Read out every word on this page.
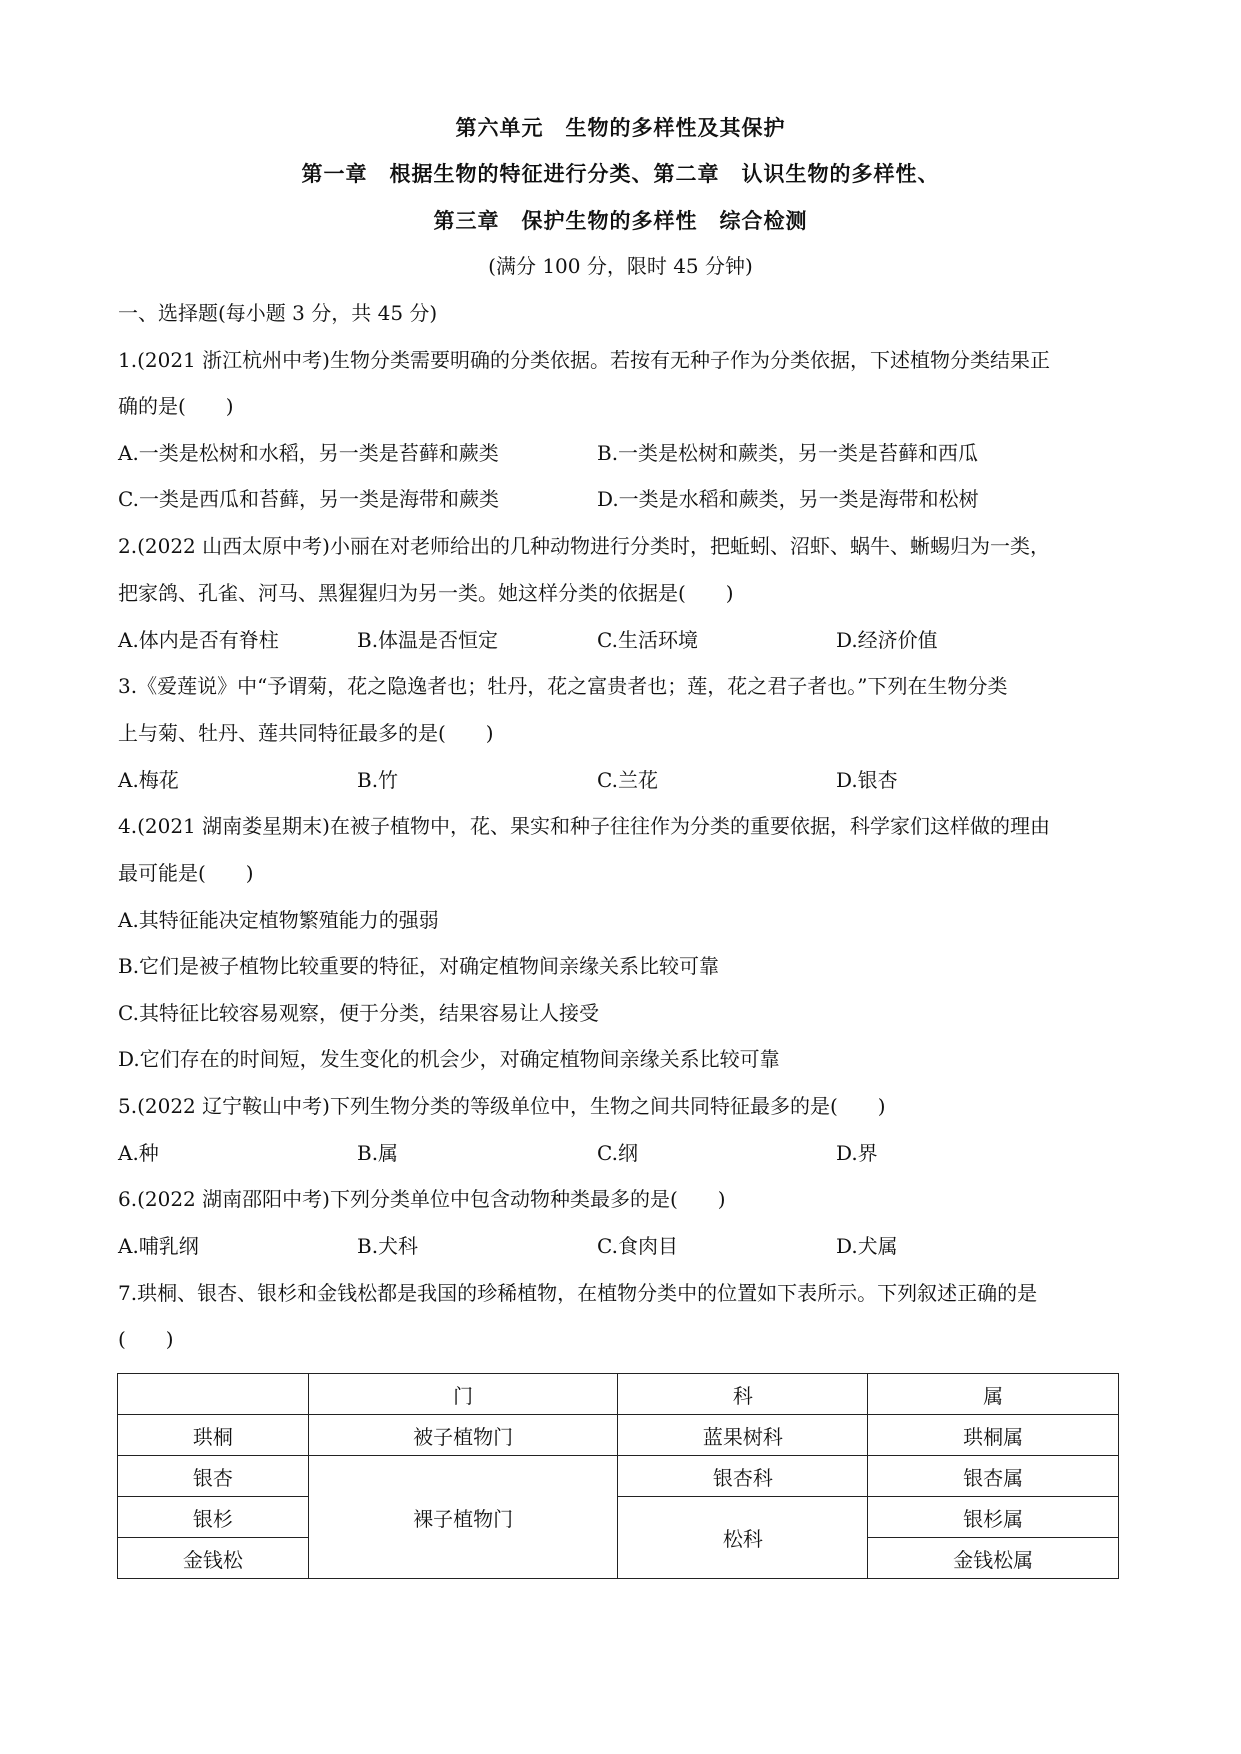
第六单元　生物的多样性及其保护
第一章　根据生物的特征进行分类、第二章　认识生物的多样性、
第三章　保护生物的多样性　综合检测
(满分 100 分，限时 45 分钟)
一、选择题(每小题 3 分，共 45 分)
1.(2021 浙江杭州中考)生物分类需要明确的分类依据。若按有无种子作为分类依据，下述植物分类结果正
确的是(　　)
A.一类是松树和水稻，另一类是苔藓和蕨类	B.一类是松树和蕨类，另一类是苔藓和西瓜
C.一类是西瓜和苔藓，另一类是海带和蕨类	D.一类是水稻和蕨类，另一类是海带和松树
2.(2022 山西太原中考)小丽在对老师给出的几种动物进行分类时，把蚯蚓、沼虾、蜗牛、蜥蜴归为一类，
把家鸽、孔雀、河马、黑猩猩归为另一类。她这样分类的依据是(　　)
A.体内是否有脊柱	B.体温是否恒定	C.生活环境	D.经济价值
3.《爱莲说》中“予谓菊，花之隐逸者也；牡丹，花之富贵者也；莲，花之君子者也。”下列在生物分类
上与菊、牡丹、莲共同特征最多的是(　　)
A.梅花	B.竹	C.兰花	D.银杏
4.(2021 湖南娄星期末)在被子植物中，花、果实和种子往往作为分类的重要依据，科学家们这样做的理由
最可能是(　　)
A.其特征能决定植物繁殖能力的强弱
B.它们是被子植物比较重要的特征，对确定植物间亲缘关系比较可靠
C.其特征比较容易观察，便于分类，结果容易让人接受
D.它们存在的时间短，发生变化的机会少，对确定植物间亲缘关系比较可靠
5.(2022 辽宁鞍山中考)下列生物分类的等级单位中，生物之间共同特征最多的是(　　)
A.种	B.属	C.纲	D.界
6.(2022 湖南邵阳中考)下列分类单位中包含动物种类最多的是(　　)
A.哺乳纲	B.犬科	C.食肉目	D.犬属
7.珙桐、银杏、银杉和金钱松都是我国的珍稀植物，在植物分类中的位置如下表所示。下列叙述正确的是
(　　)
	门	科	属
珙桐	被子植物门	蓝果树科	珙桐属
银杏	裸子植物门	银杏科	银杏属
银杉		松科	银杉属
金钱松			金钱松属
